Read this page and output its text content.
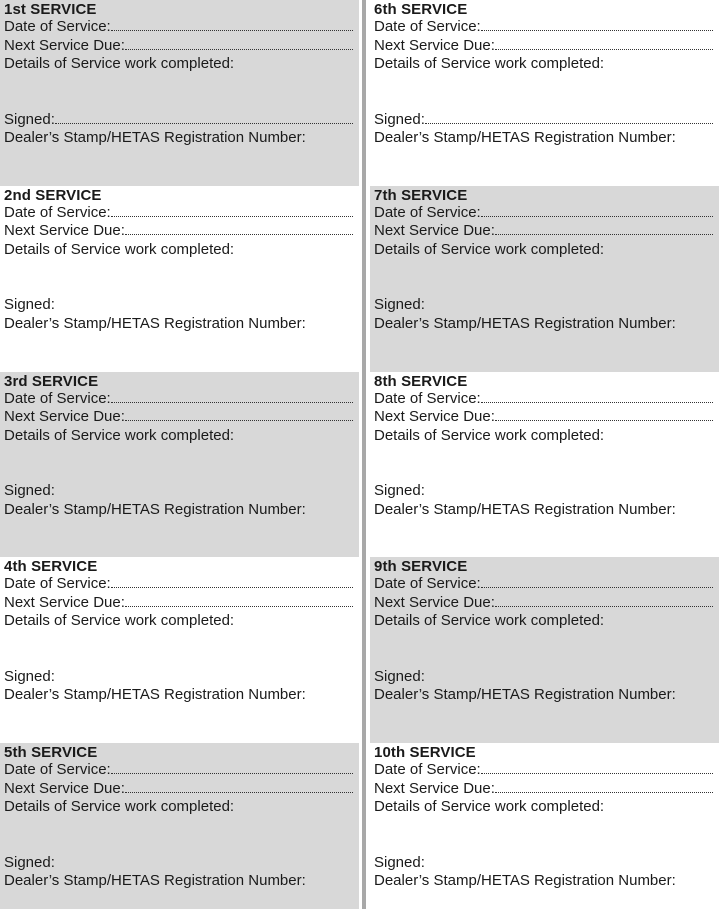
1st SERVICE
Date of Service:
Next Service Due:
Details of Service work completed:
Signed:
Dealer’s Stamp/HETAS Registration Number:
2nd SERVICE
Date of Service:
Next Service Due:
Details of Service work completed:
Signed:
Dealer’s Stamp/HETAS Registration Number:
3rd SERVICE
Date of Service:
Next Service Due:
Details of Service work completed:
Signed:
Dealer’s Stamp/HETAS Registration Number:
4th SERVICE
Date of Service:
Next Service Due:
Details of Service work completed:
Signed:
Dealer’s Stamp/HETAS Registration Number:
5th SERVICE
Date of Service:
Next Service Due:
Details of Service work completed:
Signed:
Dealer’s Stamp/HETAS Registration Number:
6th SERVICE
Date of Service:
Next Service Due:
Details of Service work completed:
Signed:
Dealer’s Stamp/HETAS Registration Number:
7th SERVICE
Date of Service:
Next Service Due:
Details of Service work completed:
Signed:
Dealer’s Stamp/HETAS Registration Number:
8th SERVICE
Date of Service:
Next Service Due:
Details of Service work completed:
Signed:
Dealer’s Stamp/HETAS Registration Number:
9th SERVICE
Date of Service:
Next Service Due:
Details of Service work completed:
Signed:
Dealer’s Stamp/HETAS Registration Number:
10th SERVICE
Date of Service:
Next Service Due:
Details of Service work completed:
Signed:
Dealer’s Stamp/HETAS Registration Number:
